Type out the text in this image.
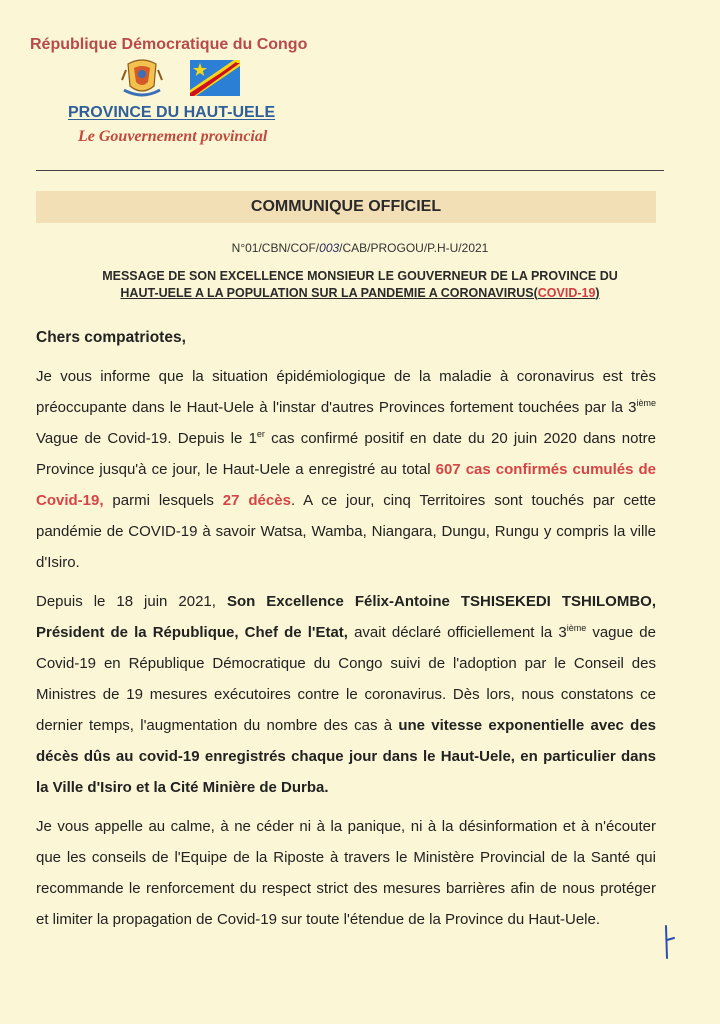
République Démocratique du Congo
PROVINCE DU HAUT-UELE
Le Gouvernement provincial
COMMUNIQUE OFFICIEL
N°01/CBN/COF/003/CAB/PROGOU/P.H-U/2021
MESSAGE DE SON EXCELLENCE MONSIEUR LE GOUVERNEUR DE LA PROVINCE DU
HAUT-UELE A LA POPULATION SUR LA PANDEMIE A CORONAVIRUS(COVID-19)
Chers compatriotes,

Je vous informe que la situation épidémiologique de la maladie à coronavirus est très préoccupante dans le Haut-Uele à l'instar d'autres Provinces fortement touchées par la 3ième Vague de Covid-19. Depuis le 1er cas confirmé positif en date du 20 juin 2020 dans notre Province jusqu'à ce jour, le Haut-Uele a enregistré au total 607 cas confirmés cumulés de Covid-19, parmi lesquels 27 décès. A ce jour, cinq Territoires sont touchés par cette pandémie de COVID-19 à savoir Watsa, Wamba, Niangara, Dungu, Rungu y compris la ville d'Isiro.

Depuis le 18 juin 2021, Son Excellence Félix-Antoine TSHISEKEDI TSHILOMBO, Président de la République, Chef de l'Etat, avait déclaré officiellement la 3ième vague de Covid-19 en République Démocratique du Congo suivi de l'adoption par le Conseil des Ministres de 19 mesures exécutoires contre le coronavirus. Dès lors, nous constatons ce dernier temps, l'augmentation du nombre des cas à une vitesse exponentielle avec des décès dûs au covid-19 enregistrés chaque jour dans le Haut-Uele, en particulier dans la Ville d'Isiro et la Cité Minière de Durba.

Je vous appelle au calme, à ne céder ni à la panique, ni à la désinformation et à n'écouter que les conseils de l'Equipe de la Riposte à travers le Ministère Provincial de la Santé qui recommande le renforcement du respect strict des mesures barrières afin de nous protéger et limiter la propagation de Covid-19 sur toute l'étendue de la Province du Haut-Uele.
